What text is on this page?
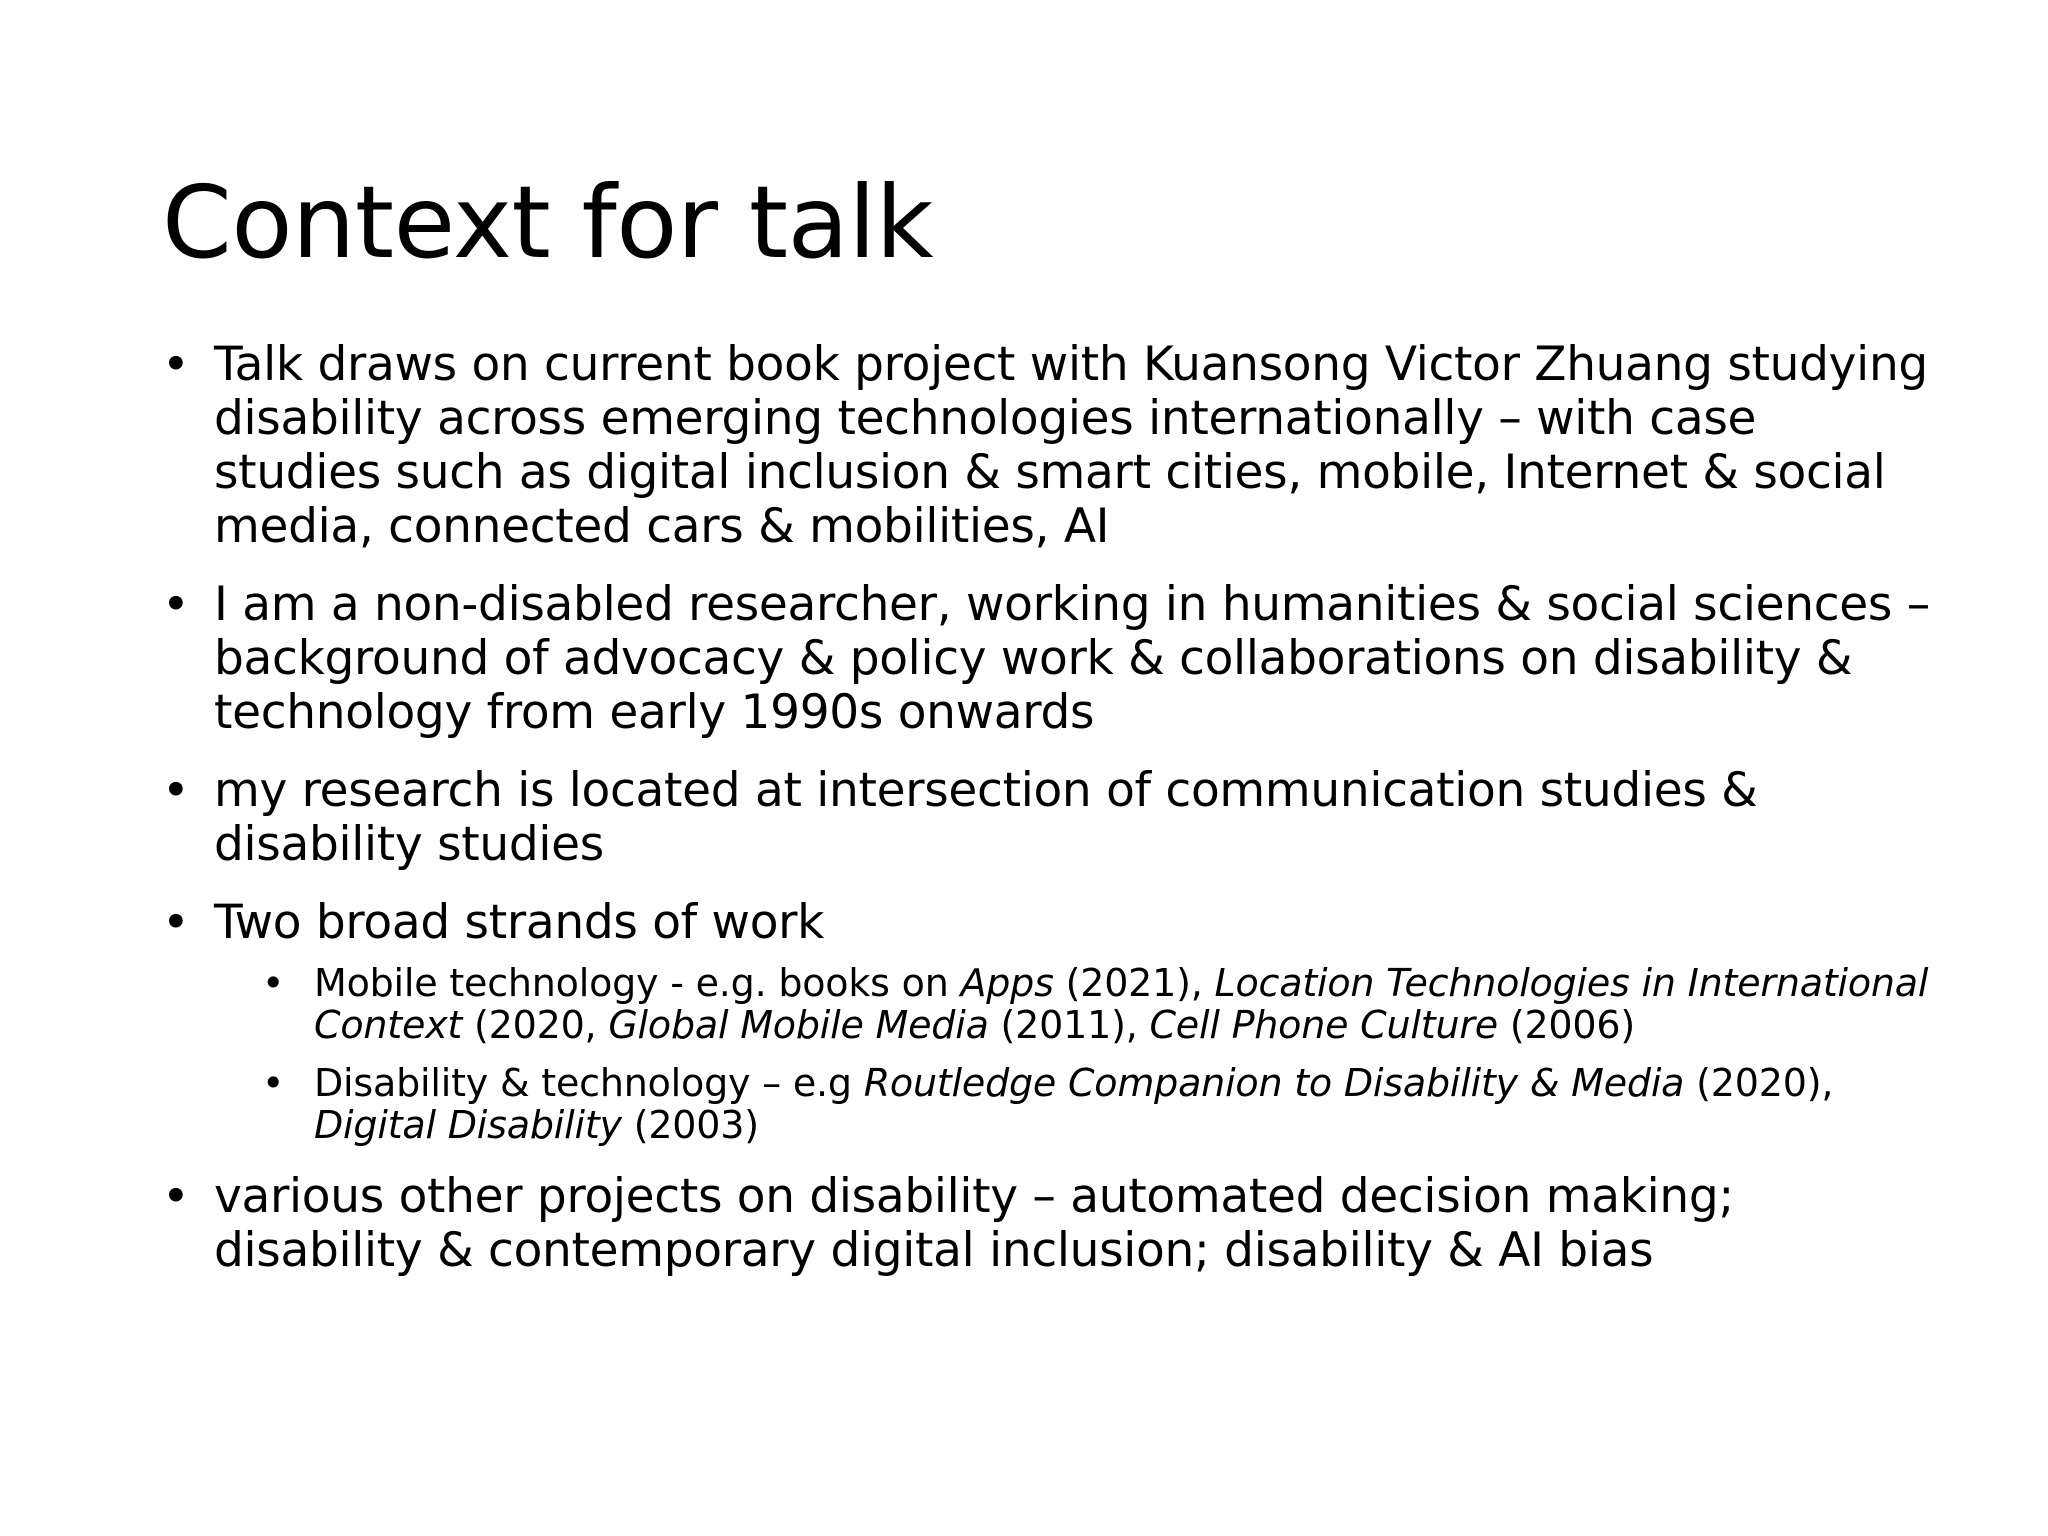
Context for talk
• Talk draws on current book project with Kuansong Victor Zhuang studying disability across emerging technologies internationally – with case studies such as digital inclusion & smart cities, mobile, Internet & social media, connected cars & mobilities, AI
• I am a non-disabled researcher, working in humanities & social sciences – background of advocacy & policy work & collaborations on disability & technology from early 1990s onwards
• my research is located at intersection of communication studies & disability studies
• Two broad strands of work
• Mobile technology - e.g. books on Apps (2021), Location Technologies in International Context (2020, Global Mobile Media (2011), Cell Phone Culture (2006)
• Disability & technology – e.g Routledge Companion to Disability & Media (2020), Digital Disability (2003)
• various other projects on disability – automated decision making; disability & contemporary digital inclusion; disability & AI bias
